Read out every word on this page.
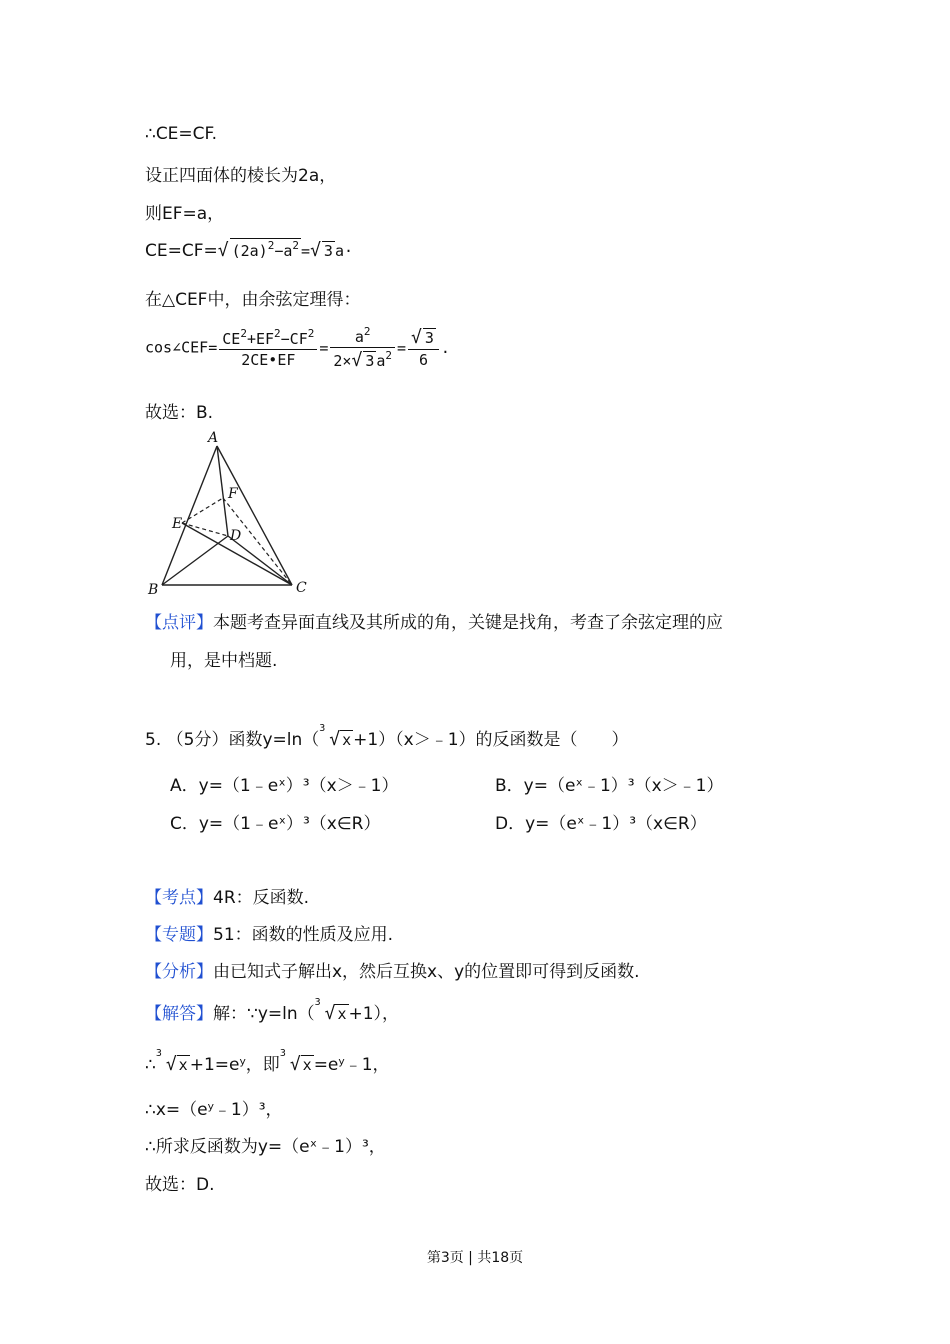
∴CE=CF.
设正四面体的棱长为2a，
则EF=a，
CE=CF=√ $(2a)^2-a^2$ =√ 3 a·
在△CEF中，由余弦定理得：
cos∠CEF= $\frac{CE^2+EF^2-CF^2}{2CE•EF} = \frac{a^2}{2\times√ 3 a^2} = \frac{√ 3}{6}$ .
故选：B.
A
F
E
D
B	C
【点评】本题考查异面直线及其所成的角，关键是找角，考查了余弦定理的应
用，是中档题.
5. （5分）函数y=ln（
3
√ x +1）（x＞﹣1）的反函数是（　　）
A．y=（1﹣eˣ）³（x＞﹣1）	B．y=（eˣ﹣1）³（x＞﹣1）
C．y=（1﹣eˣ）³（x∈R）	D．y=（eˣ﹣1）³（x∈R）
【考点】4R：反函数.
【专题】51：函数的性质及应用.
【分析】由已知式子解出x，然后互换x、y的位置即可得到反函数.
【解答】解：∵y=ln（
3
√ x +1），
∴
3
√ x +1=eʸ，即
3
√ x =eʸ﹣1，
∴x=（eʸ﹣1）³，
∴所求反函数为y=（eˣ﹣1）³，
故选：D.
第3页 | 共18页
